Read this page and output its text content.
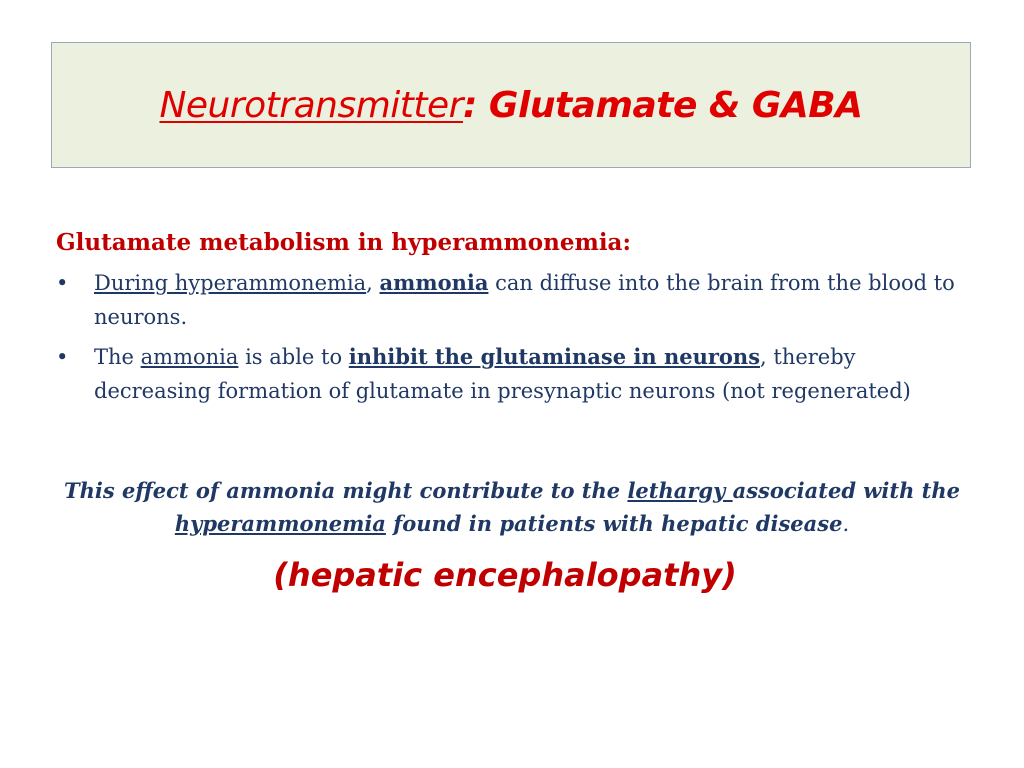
Neurotransmitter: Glutamate & GABA
Glutamate metabolism in hyperammonemia:
• During hyperammonemia, ammonia can diffuse into the brain from the blood to neurons.
• The ammonia is able to inhibit the glutaminase in neurons, thereby decreasing formation of glutamate in presynaptic neurons (not regenerated)
This effect of ammonia might contribute to the lethargy associated with the hyperammonemia found in patients with hepatic disease.
(hepatic encephalopathy)
